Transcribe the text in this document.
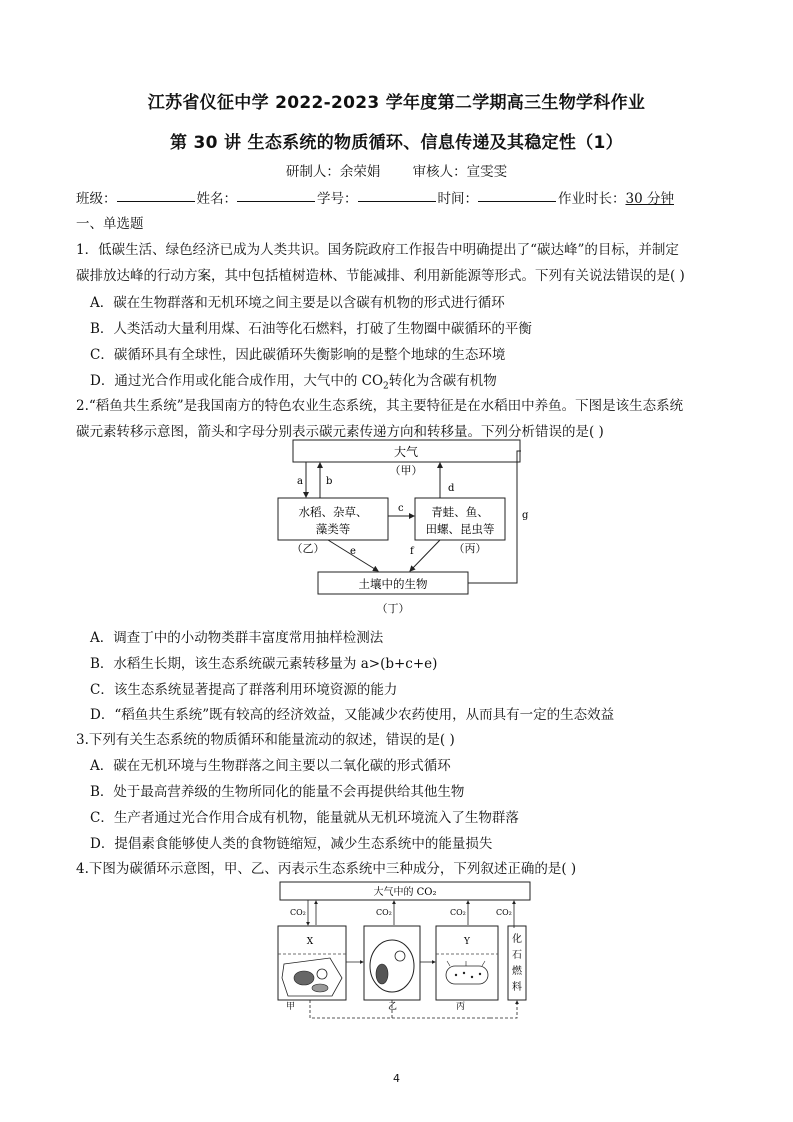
江苏省仪征中学 2022-2023 学年度第二学期高三生物学科作业
第 30 讲 生态系统的物质循环、信息传递及其稳定性（1）
研制人：余荣娟 审核人：宣雯雯
班级：	姓名：	学号：	时间：	作业时长： 30 分钟
一、单选题
1．低碳生活、绿色经济已成为人类共识。国务院政府工作报告中明确提出了“碳达峰”的目标，并制定
碳排放达峰的行动方案，其中包括植树造林、节能减排、利用新能源等形式。下列有关说法错误的是( )
A．碳在生物群落和无机环境之间主要是以含碳有机物的形式进行循环
B．人类活动大量利用煤、石油等化石燃料，打破了生物圈中碳循环的平衡
C．碳循环具有全球性，因此碳循环失衡影响的是整个地球的生态环境
D．通过光合作用或化能合成作用，大气中的 $CO_2$转化为含碳有机物
2.“稻鱼共生系统”是我国南方的特色农业生态系统，其主要特征是在水稻田中养鱼。下图是该生态系统
碳元素转移示意图，箭头和字母分别表示碳元素传递方向和转移量。下列分析错误的是( )
大气
（甲）
水稻、杂草、
藻类等
（乙）
青蛙、鱼、
田螺、昆虫等
（丙）
土壤中的生物
（丁）
a b
d
c
e	f
g
A．调查丁中的小动物类群丰富度常用抽样检测法
B．水稻生长期，该生态系统碳元素转移量为 a>(b+c+e)
C．该生态系统显著提高了群落利用环境资源的能力
D．“稻鱼共生系统”既有较高的经济效益，又能减少农药使用，从而具有一定的生态效益
3.下列有关生态系统的物质循环和能量流动的叙述，错误的是( )
A．碳在无机环境与生物群落之间主要以二氧化碳的形式循环
B．处于最高营养级的生物所同化的能量不会再提供给其他生物
C．生产者通过光合作用合成有机物，能量就从无机环境流入了生物群落
D．提倡素食能够使人类的食物链缩短，减少生态系统中的能量损失
4.下图为碳循环示意图，甲、乙、丙表示生态系统中三种成分，下列叙述正确的是( )
大气中的 CO₂
CO₂	CO₂	CO₂	CO₂
X	Y	化
石
燃
料
甲	乙	丙
4
